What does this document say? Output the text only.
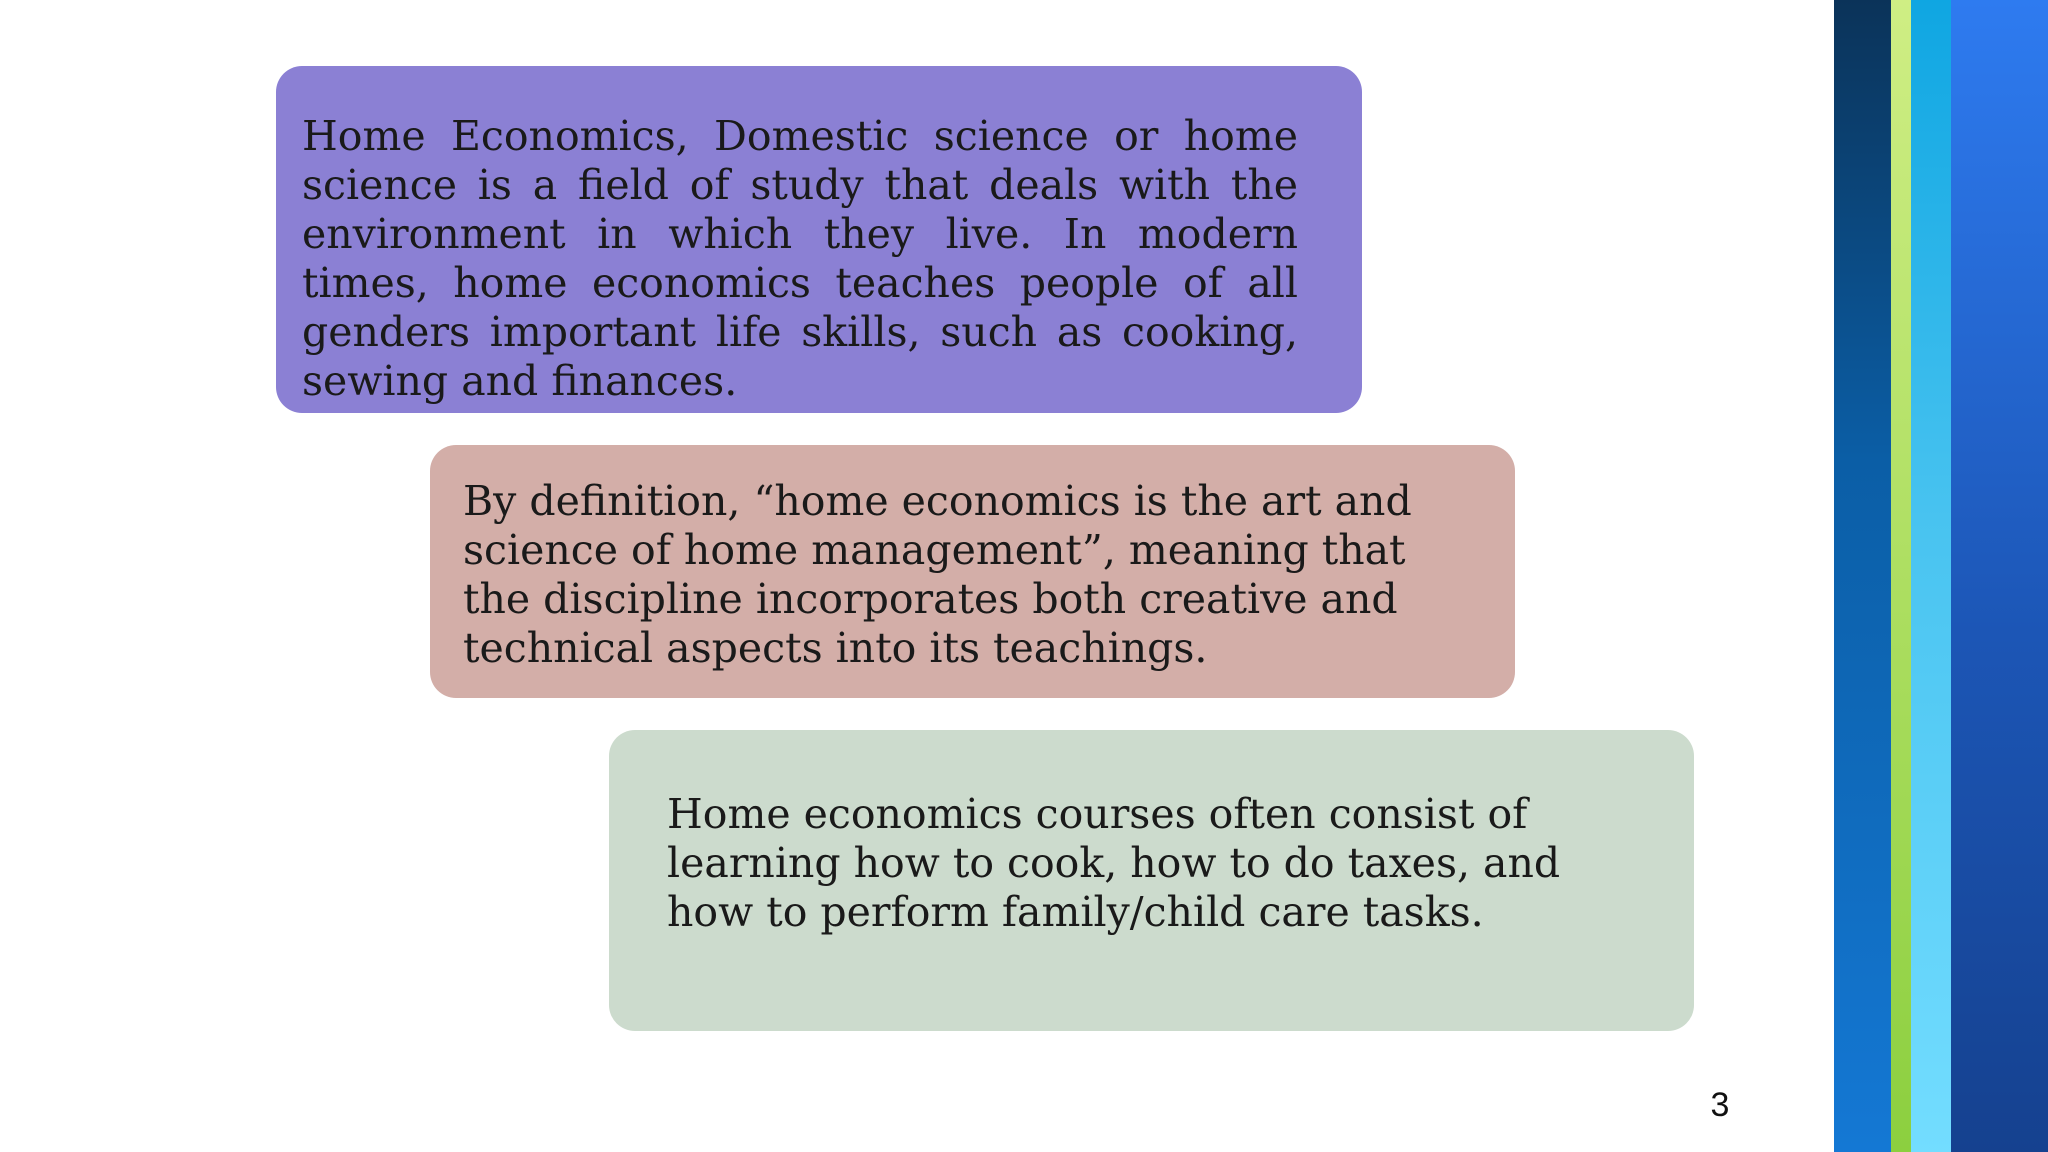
Home Economics, Domestic science or home science is a field of study that deals with the environment in which they live. In modern times, home economics teaches people of all genders important life skills, such as cooking, sewing and finances.

By definition, “home economics is the art and science of home management”, meaning that the discipline incorporates both creative and technical aspects into its teachings.

Home economics courses often consist of learning how to cook, how to do taxes, and how to perform family/child care tasks.

3
